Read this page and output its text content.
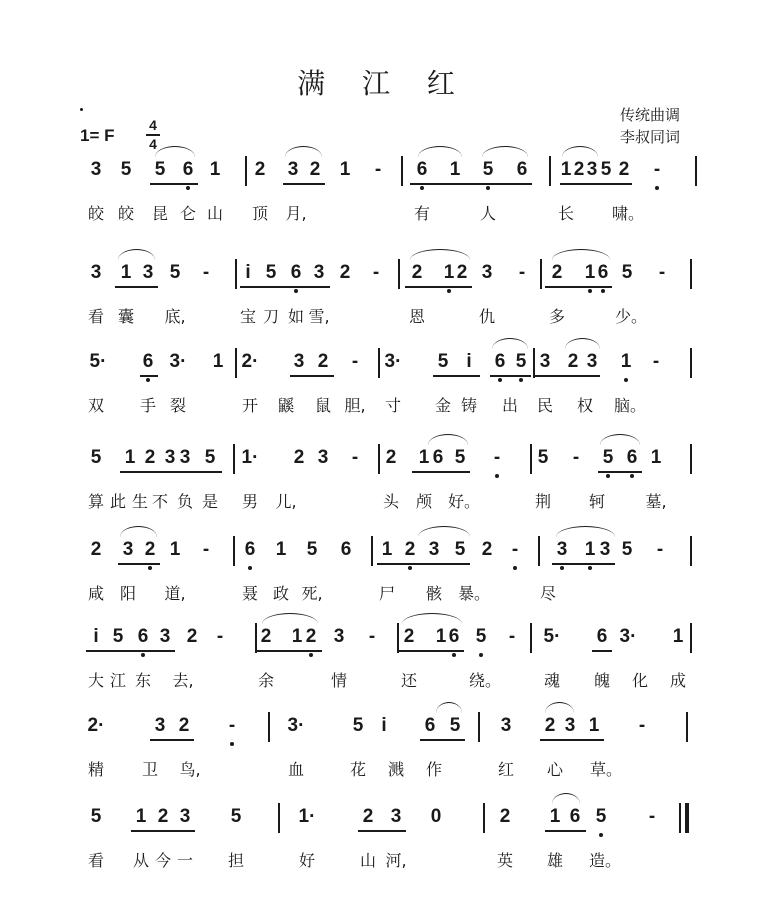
满 江 红
传统曲调
李叔同词
1= F
4
4
3 5 5 6 1 2 3 2 1	-	6 1 5 6 1 2 3 5 2	-
皎 皎 昆 仑 山 顶 月,	有	人	长 啸。
3 1 3 5	-	i 5 6 3 2	-	2 1 2 3	-	2 1 6 5	-
看 囊 底,	宝 刀 如 雪,	恩	仇	多	少。
5· 6 3· 1 2· 3 2	-	3· 5 i	6 5 3 2 3 1	-
双 手 裂	开 鼷 鼠 胆, 寸 金 铸 出 民 权 脑。
5 1 2 3 3 5 1· 2 3	-	2 1 6 5	-	5	-	5 6 1
算 此 生 不 负 是 男 儿,	头 颅 好。	荆 轲	墓,
2 3 2 1	-	6 1 5 6 1 2 3 5 2	-	3 1 3 5	-
咸 阳 道,	聂 政 死,	尸 骸 暴。	尽
i 5 6 3 2	-	2 1 2 3	-	2 1 6 5	-	5· 6 3· 1
大 江 东 去,	余	情	还	绕。	魂 魄 化 成
2·	3 2	-	3·	5 i	6 5 3 2 3 1	-
精 卫 鸟,	血	花 溅 作	红 心 草。
5 1 2 3 5	1· 2 3 0	2 1 6 5	-
看 从 今 一 担	好	山 河,	英 雄 造。
